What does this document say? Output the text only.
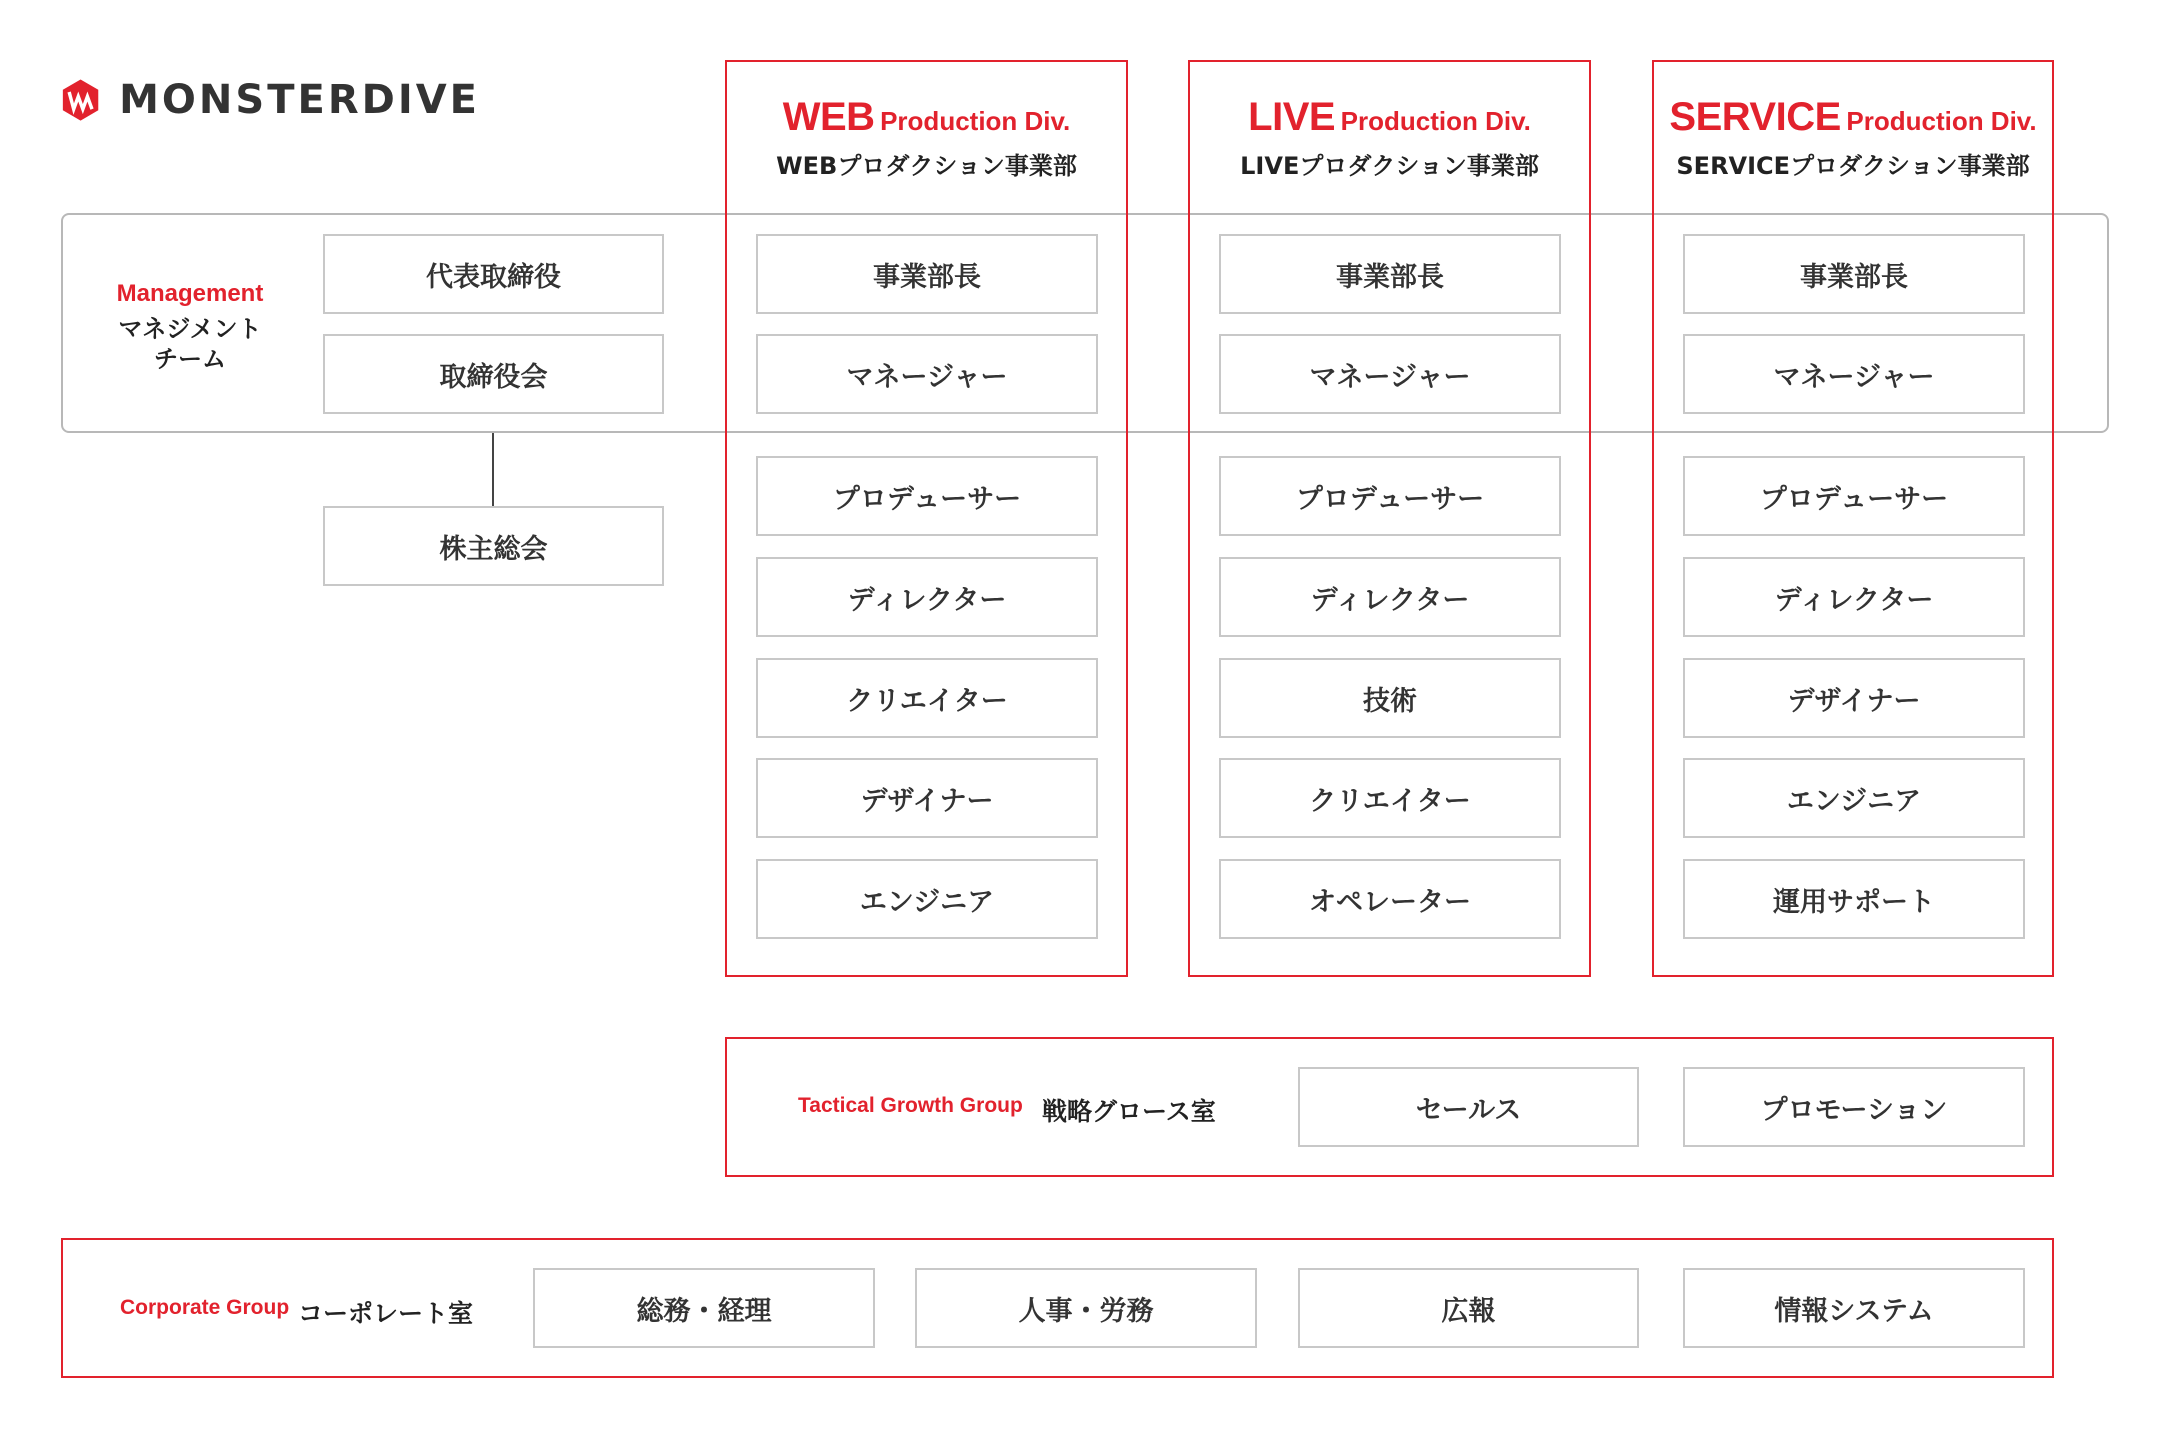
MONSTERDIVE
Management
マネジメント
チーム
代表取締役
取締役会
株主総会
WEB Production Div.
WEBプロダクション事業部
事業部長
マネージャー
プロデューサー
ディレクター
クリエイター
デザイナー
エンジニア
LIVE Production Div.
LIVEプロダクション事業部
事業部長
マネージャー
プロデューサー
ディレクター
技術
クリエイター
オペレーター
SERVICE Production Div.
SERVICEプロダクション事業部
事業部長
マネージャー
プロデューサー
ディレクター
デザイナー
エンジニア
運用サポート
Tactical Growth Group 戦略グロース室	セールス	プロモーション
Corporate Group コーポレート室	総務・経理	人事・労務	広報	情報システム
